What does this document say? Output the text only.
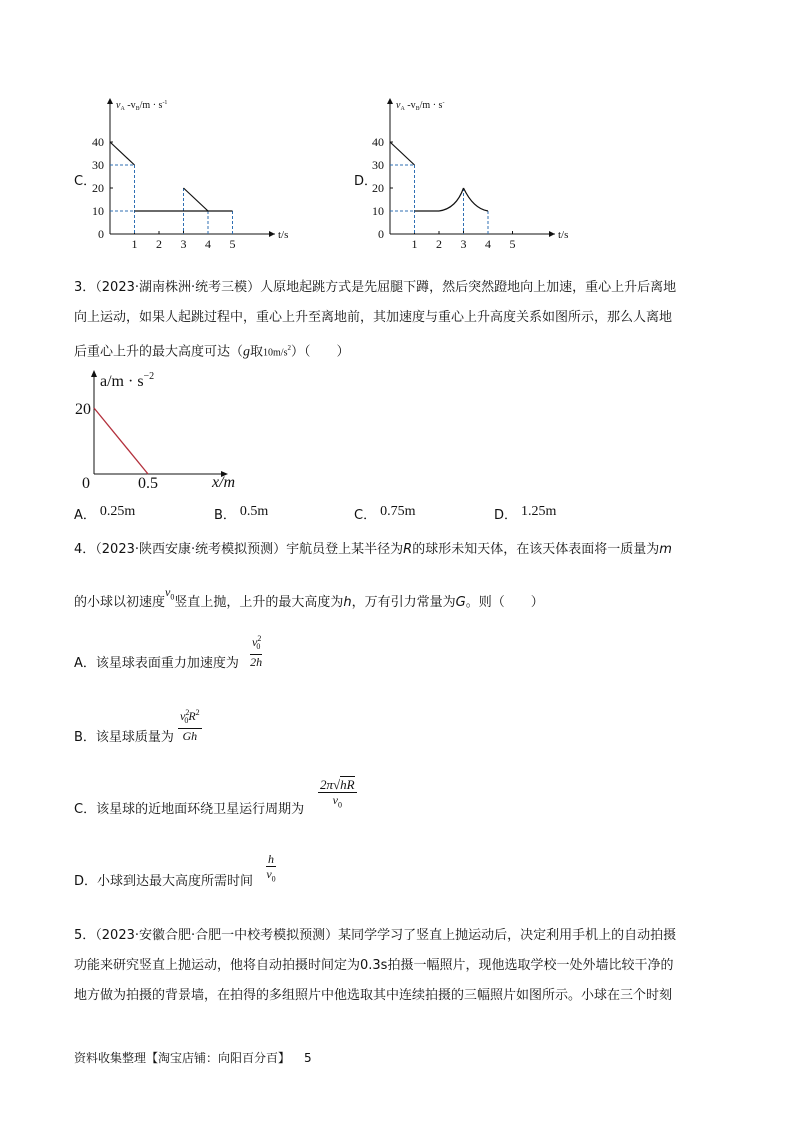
C．
$v_A$ $-v_B/m \cdot s^{-1}$
t/s
0
10
20
30
40
1 2 3 4 5
D．
$v_A$ $-v_B/m \cdot s^-$
t/s
0
10
20
30
40
1 2 3 4 5
3．（2023·湖南株洲·统考三模）人原地起跳方式是先屈腿下蹲，然后突然蹬地向上加速，重心上升后离地
向上运动，如果人起跳过程中，重心上升至离地前，其加速度与重心上升高度关系如图所示，那么人离地
后重心上升的最大高度可达（g取$10m/s^2$）（　　）
$a/m \cdot s^{-2}$
x/m
0
20
0.5
A． 0.25m	B． 0.5m	C． 0.75m	D． 1.25m
4．（2023·陕西安康·统考模拟预测）宇航员登上某半径为R的球形未知天体，在该天体表面将一质量为m
的小球以初速度$v_0$竖直上抛，上升的最大高度为h，万有引力常量为G。则（　　）
A．该星球表面重力加速度为 $\frac{v^2_0}{2h}$
B．该星球质量为 $\frac{v^2_0R^2}{Gh}$
C．该星球的近地面环绕卫星运行周期为 $\frac{2\pi√hR}{v_0}$
D．小球到达最大高度所需时间 $\frac{h}{v_0}$
5．（2023·安徽合肥·合肥一中校考模拟预测）某同学学习了竖直上抛运动后，决定利用手机上的自动拍摄
功能来研究竖直上抛运动，他将自动拍摄时间定为0.3s拍摄一幅照片，现他选取学校一处外墙比较干净的
地方做为拍摄的背景墙，在拍得的多组照片中他选取其中连续拍摄的三幅照片如图所示。小球在三个时刻
资料收集整理【淘宝店铺：向阳百分百】 5
